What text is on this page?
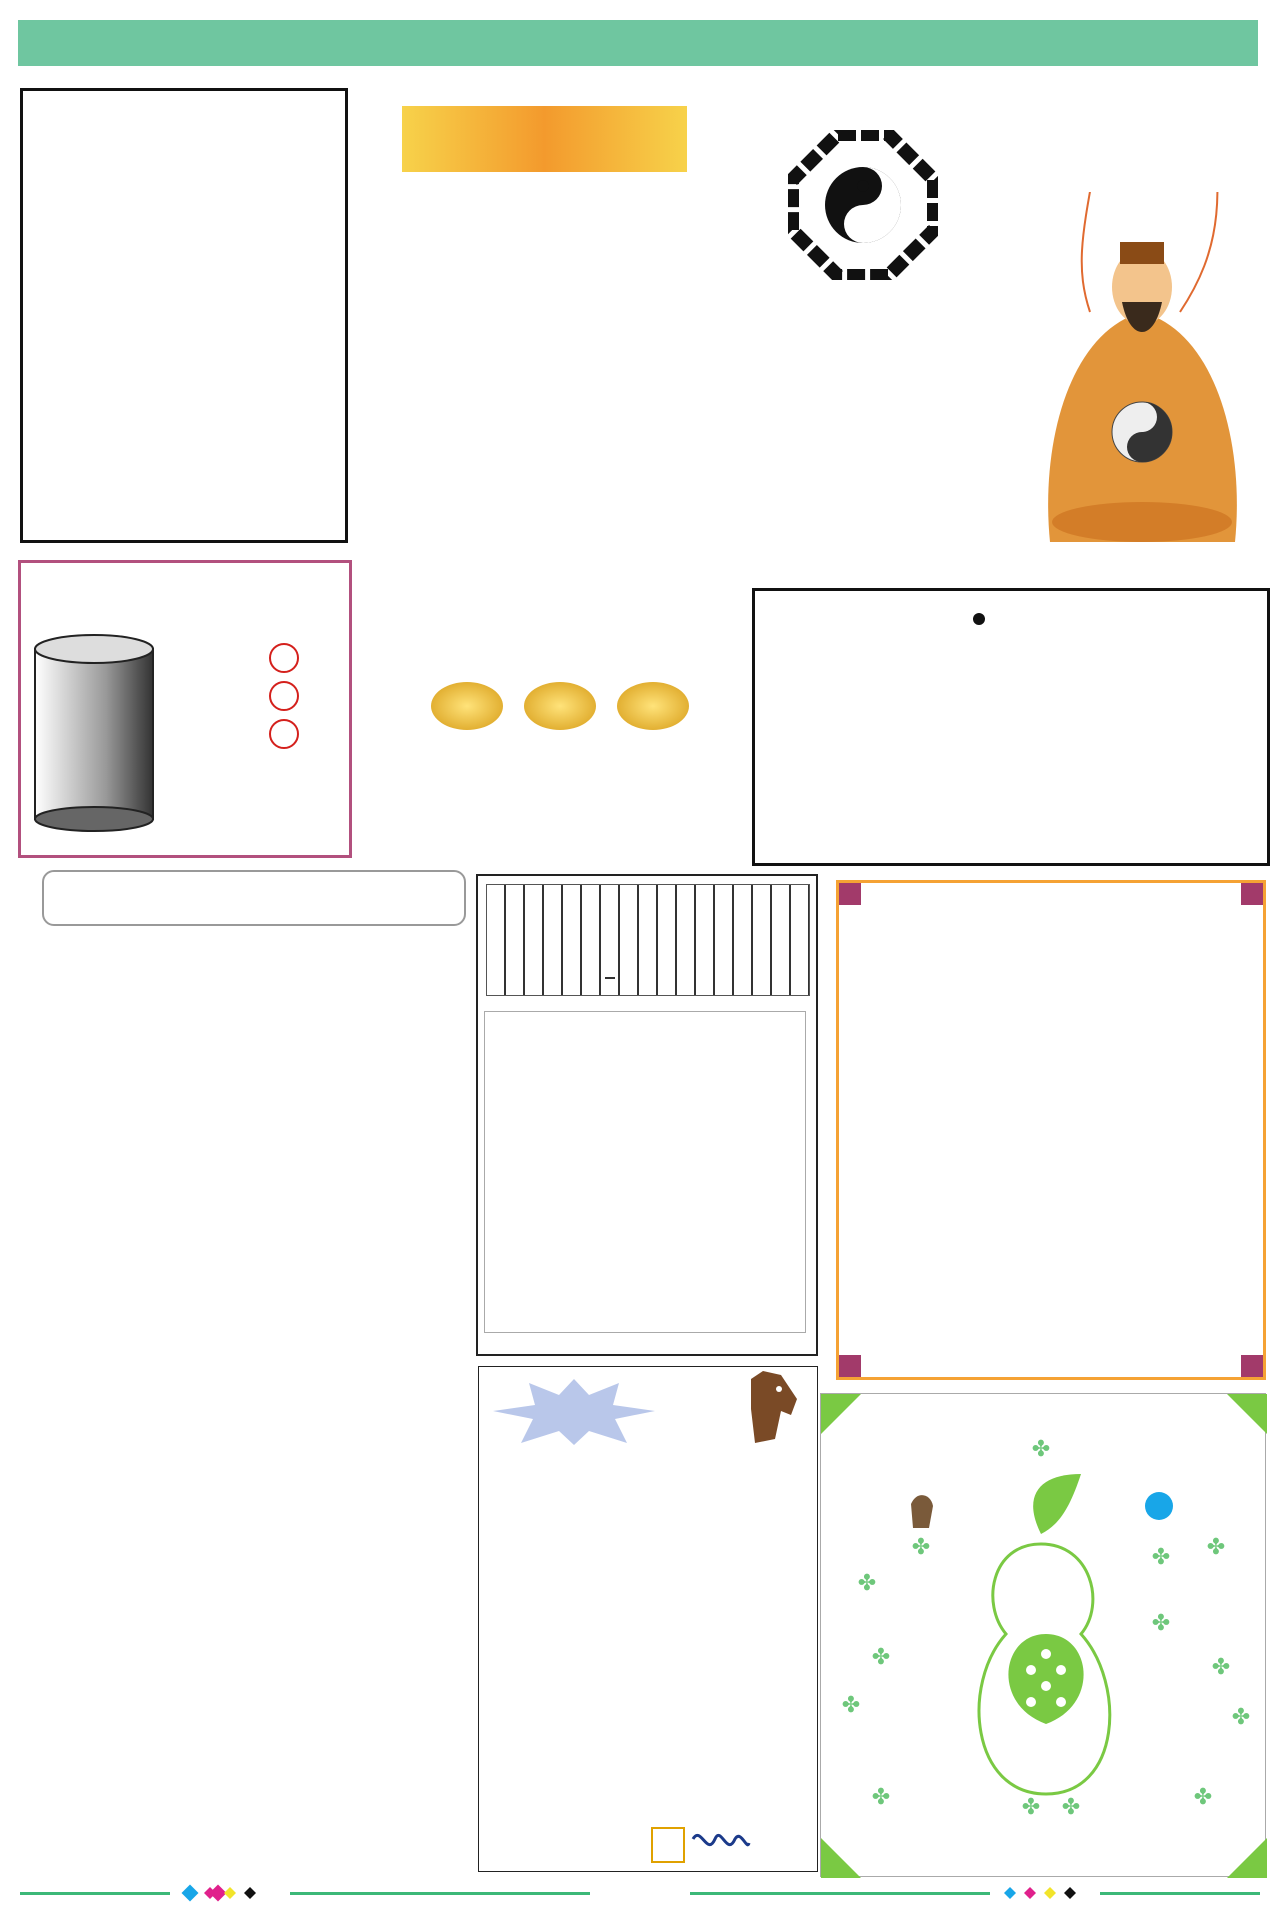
✤
✤
✤
✤
✤
✤
✤
✤
✤	✤
✤ ✤
✤	✤
